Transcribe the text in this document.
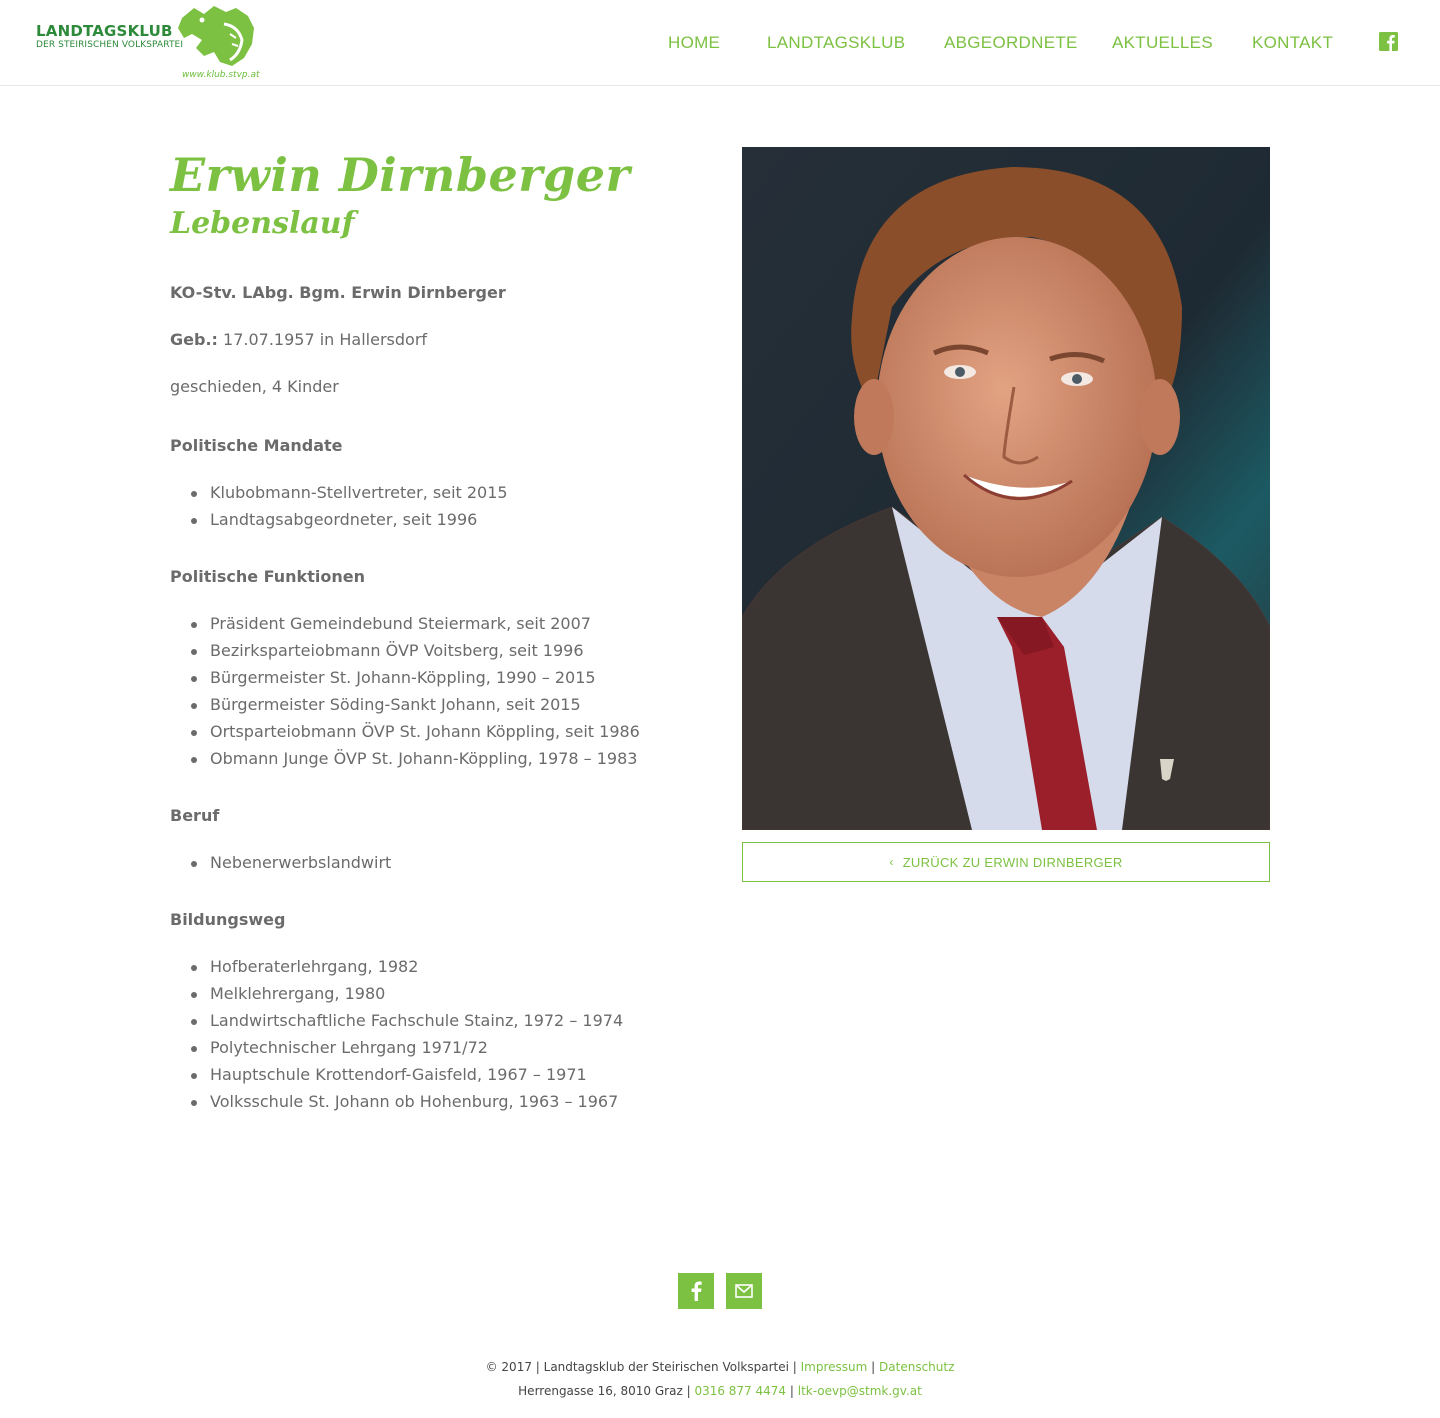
LANDTAGSKLUB
DER STEIRISCHEN VOLKSPARTEI
www.klub.stvp.at
HOME	LANDTAGSKLUB ABGEORDNETE AKTUELLES KONTAKT
Erwin Dirnberger
Lebenslauf

KO-Stv. LAbg. Bgm. Erwin Dirnberger

Geb.: 17.07.1957 in Hallersdorf

geschieden, 4 Kinder

Politische Mandate
Klubobmann-Stellvertreter, seit 2015
Landtagsabgeordneter, seit 1996
Politische Funktionen
Präsident Gemeindebund Steiermark, seit 2007
Bezirksparteiobmann ÖVP Voitsberg, seit 1996
Bürgermeister St. Johann-Köppling, 1990 – 2015
Bürgermeister Söding-Sankt Johann, seit 2015
Ortsparteiobmann ÖVP St. Johann Köppling, seit 1986
Obmann Junge ÖVP St. Johann-Köppling, 1978 – 1983
Beruf
Nebenerwerbslandwirt
Bildungsweg
Hofberaterlehrgang, 1982
Melklehrergang, 1980
Landwirtschaftliche Fachschule Stainz, 1972 – 1974
Polytechnischer Lehrgang 1971/72
Hauptschule Krottendorf-Gaisfeld, 1967 – 1971
Volksschule St. Johann ob Hohenburg, 1963 – 1967
‹ ZURÜCK ZU ERWIN DIRNBERGER
© 2017 | Landtagsklub der Steirischen Volkspartei | Impressum | Datenschutz
Herrengasse 16, 8010 Graz | 0316 877 4474 | ltk-oevp@stmk.gv.at
